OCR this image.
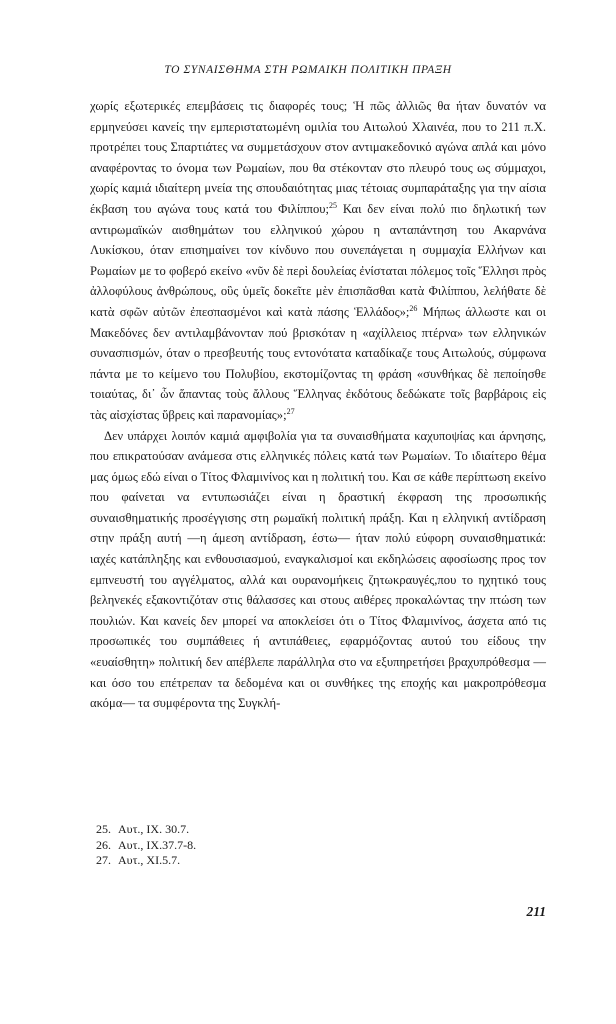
ΤΟ ΣΥΝΑΙΣΘΗΜΑ ΣΤΗ ΡΩΜΑΙΚΗ ΠΟΛΙΤΙΚΗ ΠΡΑΞΗ

χωρίς εξωτερικές επεμβάσεις τις διαφορές τους; Ἡ πῶς ἀλλιῶς θα ήταν δυνατόν να ερμηνεύσει κανείς την εμπεριστατωμένη ομιλία του Αιτωλού Χλαινέα, που το 211 π.Χ. προτρέπει τους Σπαρτιάτες να συμμετάσχουν στον αντιμακεδονικό αγώνα απλά και μόνο αναφέροντας το όνομα των Ρωμαίων, που θα στέκονταν στο πλευρό τους ως σύμμαχοι, χωρίς καμιά ιδιαίτερη μνεία της σπουδαιότητας μιας τέτοιας συμπαράταξης για την αίσια έκβαση του αγώνα τους κατά του Φιλίππου;$^{25}$ Και δεν είναι πολύ πιο δηλωτική των αντιρωμαϊκών αισθημάτων του ελληνικού χώρου η ανταπάντηση του Ακαρνάνα Λυκίσκου, όταν επισημαίνει τον κίνδυνο που συνεπάγεται η συμμαχία Ελλήνων και Ρωμαίων με το φοβερό εκείνο «νῦν δὲ περὶ δουλείας ἐνίσταται πόλεμος τοῖς Ἕλλησι πρὸς ἀλλοφύλους ἀνθρώπους, οὓς ὑμεῖς δοκεῖτε μὲν ἐπισπᾶσθαι κατὰ Φιλίππου, λελήθατε δὲ κατὰ σφῶν αὐτῶν ἐπεσπασμένοι καὶ κατὰ πάσης Ἑλλάδος»;$^{26}$ Μήπως άλλωστε και οι Μακεδόνες δεν αντιλαμβάνονταν πού βρισκόταν η «αχίλλειος πτέρνα» των ελληνικών συνασπισμών, όταν ο πρεσβευτής τους εντονότατα καταδίκαζε τους Αιτωλούς, σύμφωνα πάντα με το κείμενο του Πολυβίου, εκστομίζοντας τη φράση «συνθήκας δὲ πεποίησθε τοιαύτας, δι᾽ ὧν ἅπαντας τοὺς ἄλλους Ἕλληνας ἐκδότους δεδώκατε τοῖς βαρβάροις εἰς τὰς αἰσχίστας ὕβρεις καὶ παρανομίας»;$^{27}$

Δεν υπάρχει λοιπόν καμιά αμφιβολία για τα συναισθήματα καχυποψίας και άρνησης, που επικρατούσαν ανάμεσα στις ελληνικές πόλεις κατά των Ρωμαίων. Το ιδιαίτερο θέμα μας όμως εδώ είναι ο Τίτος Φλαμινίνος και η πολιτική του. Και σε κάθε περίπτωση εκείνο που φαίνεται να εντυπωσιάζει είναι η δραστική έκφραση της προσωπικής συναισθηματικής προσέγγισης στη ρωμαϊκή πολιτική πράξη. Και η ελληνική αντίδραση στην πράξη αυτή —η άμεση αντίδραση, έστω— ήταν πολύ εύφορη συναισθηματικά: ιαχές κατάπληξης και ενθουσιασμού, εναγκαλισμοί και εκδηλώσεις αφοσίωσης προς τον εμπνευστή του αγγέλματος, αλλά και ουρανομήκεις ζητωκραυγές,που το ηχητικό τους βεληνεκές εξακοντιζόταν στις θάλασσες και στους αιθέρες προκαλώντας την πτώση των πουλιών. Και κανείς δεν μπορεί να αποκλείσει ότι ο Τίτος Φλαμινίνος, άσχετα από τις προσωπικές του συμπάθειες ή αντιπάθειες, εφαρμόζοντας αυτού του είδους την «ευαίσθητη» πολιτική δεν απέβλεπε παράλληλα στο να εξυπηρετήσει βραχυπρόθεσμα —και όσο του επέτρεπαν τα δεδομένα και οι συνθήκες της εποχής και μακροπρόθεσμα ακόμα— τα συμφέροντα της Συγκλή-

25. Αυτ., ΙΧ. 30.7.
26. Αυτ., ΙΧ.37.7-8.
27. Αυτ., ΧΙ.5.7.
211
